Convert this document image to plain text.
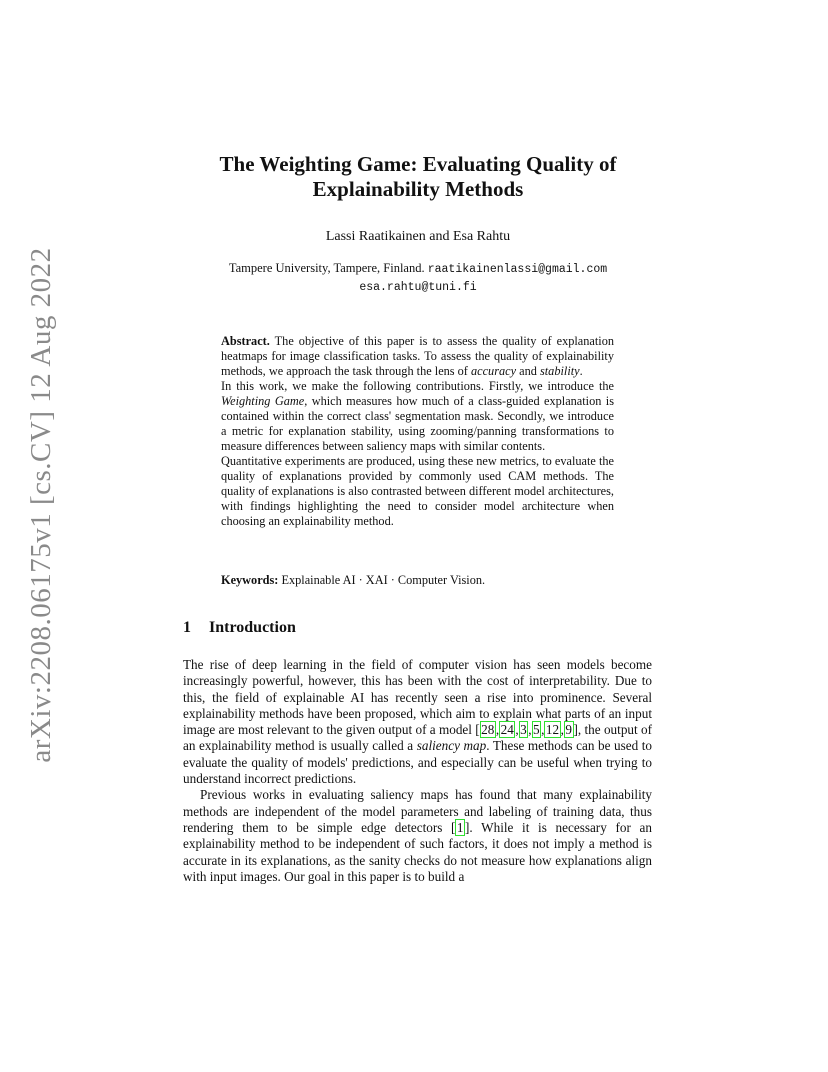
arXiv:2208.06175v1 [cs.CV] 12 Aug 2022
The Weighting Game: Evaluating Quality of
Explainability Methods
Lassi Raatikainen and Esa Rahtu
Tampere University, Tampere, Finland. raatikainenlassi@gmail.com
esa.rahtu@tuni.fi

Abstract. The objective of this paper is to assess the quality of explanation heatmaps for image classification tasks. To assess the quality of explainability methods, we approach the task through the lens of accuracy and stability.

In this work, we make the following contributions. Firstly, we introduce the Weighting Game, which measures how much of a class-guided explanation is contained within the correct class' segmentation mask. Secondly, we introduce a metric for explanation stability, using zooming/panning transformations to measure differences between saliency maps with similar contents.

Quantitative experiments are produced, using these new metrics, to evaluate the quality of explanations provided by commonly used CAM methods. The quality of explanations is also contrasted between different model architectures, with findings highlighting the need to consider model architecture when choosing an explainability method.

Keywords: Explainable AI · XAI · Computer Vision.
1 Introduction

The rise of deep learning in the field of computer vision has seen models become increasingly powerful, however, this has been with the cost of interpretability. Due to this, the field of explainable AI has recently seen a rise into prominence. Several explainability methods have been proposed, which aim to explain what parts of an input image are most relevant to the given output of a model [ 28 , 24 , 3 , 5 , 12 , 9 ], the output of an explainability method is usually called a saliency map. These methods can be used to evaluate the quality of models' predictions, and especially can be useful when trying to understand incorrect predictions.

Previous works in evaluating saliency maps has found that many explainability methods are independent of the model parameters and labeling of training data, thus rendering them to be simple edge detectors [ 1 ]. While it is necessary for an explainability method to be independent of such factors, it does not imply a method is accurate in its explanations, as the sanity checks do not measure how explanations align with input images. Our goal in this paper is to build a
